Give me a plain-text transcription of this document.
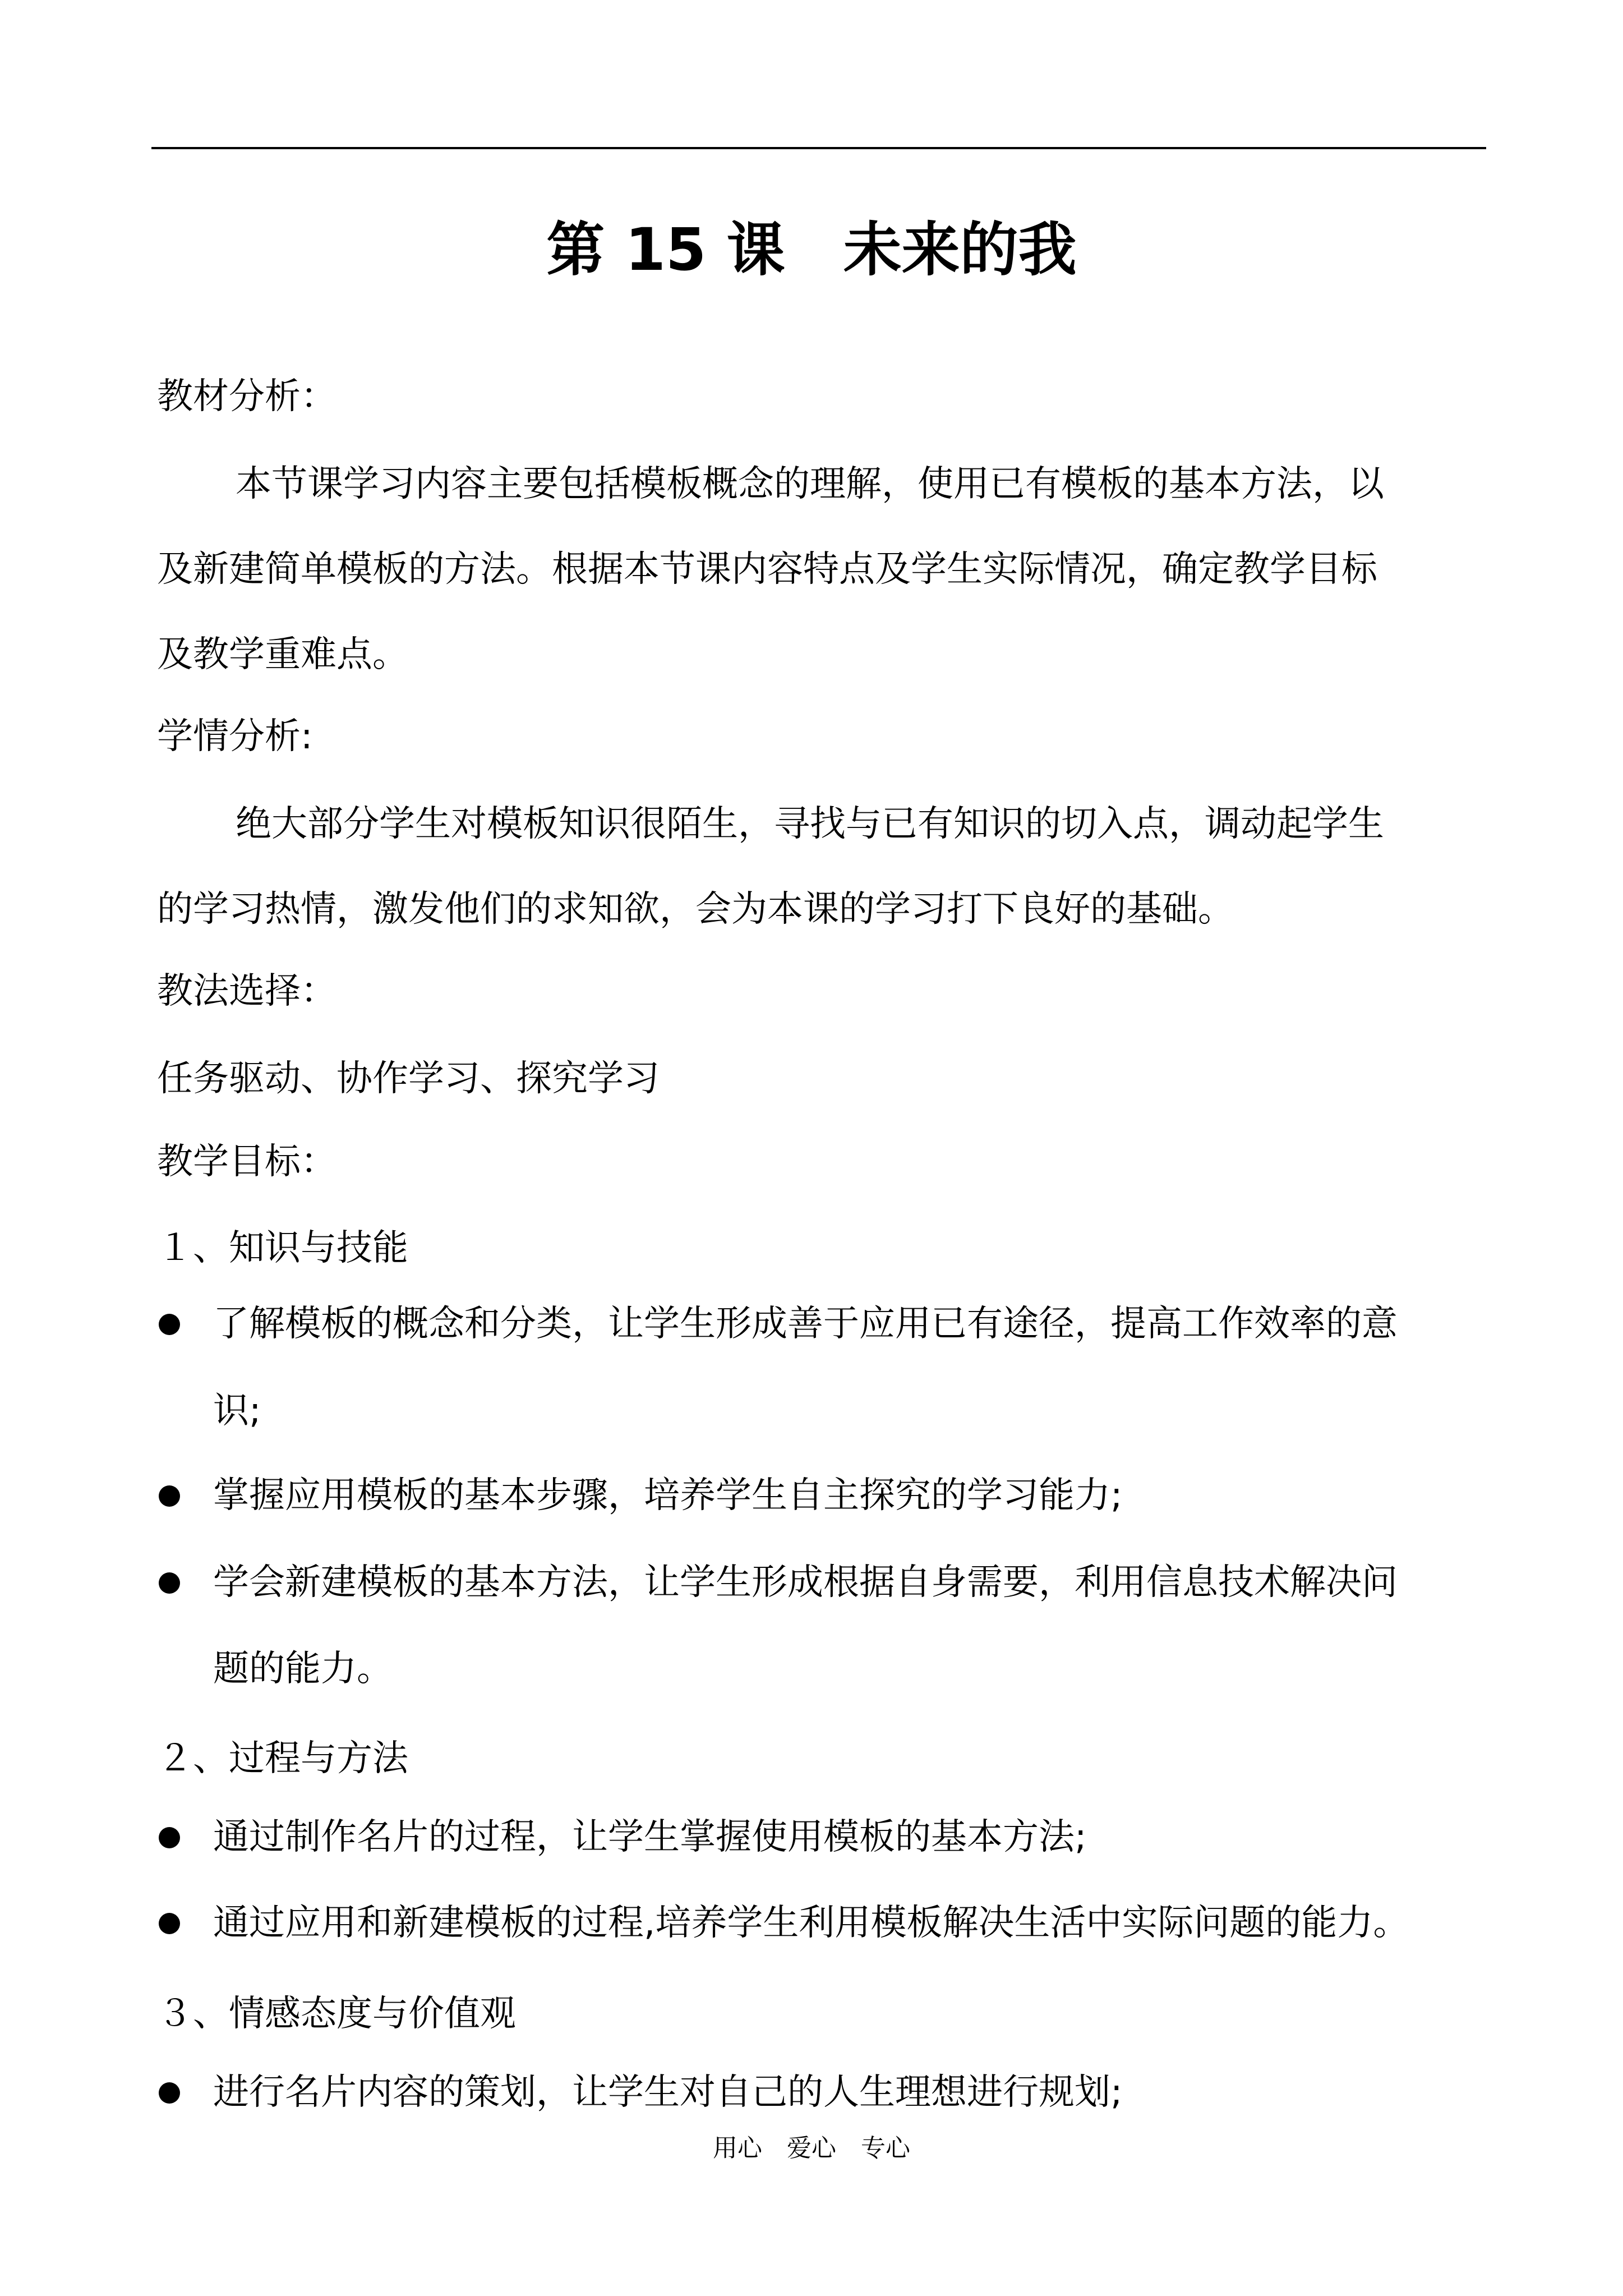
第 15 课　未来的我
教材分析：
本节课学习内容主要包括模板概念的理解，使用已有模板的基本方法，以
及新建简单模板的方法。根据本节课内容特点及学生实际情况，确定教学目标
及教学重难点。
学情分析:
绝大部分学生对模板知识很陌生，寻找与已有知识的切入点，调动起学生
的学习热情，激发他们的求知欲，会为本课的学习打下良好的基础。
教法选择：
任务驱动、协作学习、探究学习
教学目标：
１、知识与技能
了解模板的概念和分类，让学生形成善于应用已有途径，提高工作效率的意
识;
掌握应用模板的基本步骤，培养学生自主探究的学习能力;
学会新建模板的基本方法，让学生形成根据自身需要，利用信息技术解决问
题的能力。
２、过程与方法
通过制作名片的过程，让学生掌握使用模板的基本方法;
通过应用和新建模板的过程,培养学生利用模板解决生活中实际问题的能力。
３、情感态度与价值观
进行名片内容的策划，让学生对自己的人生理想进行规划;
用心　爱心　专心
